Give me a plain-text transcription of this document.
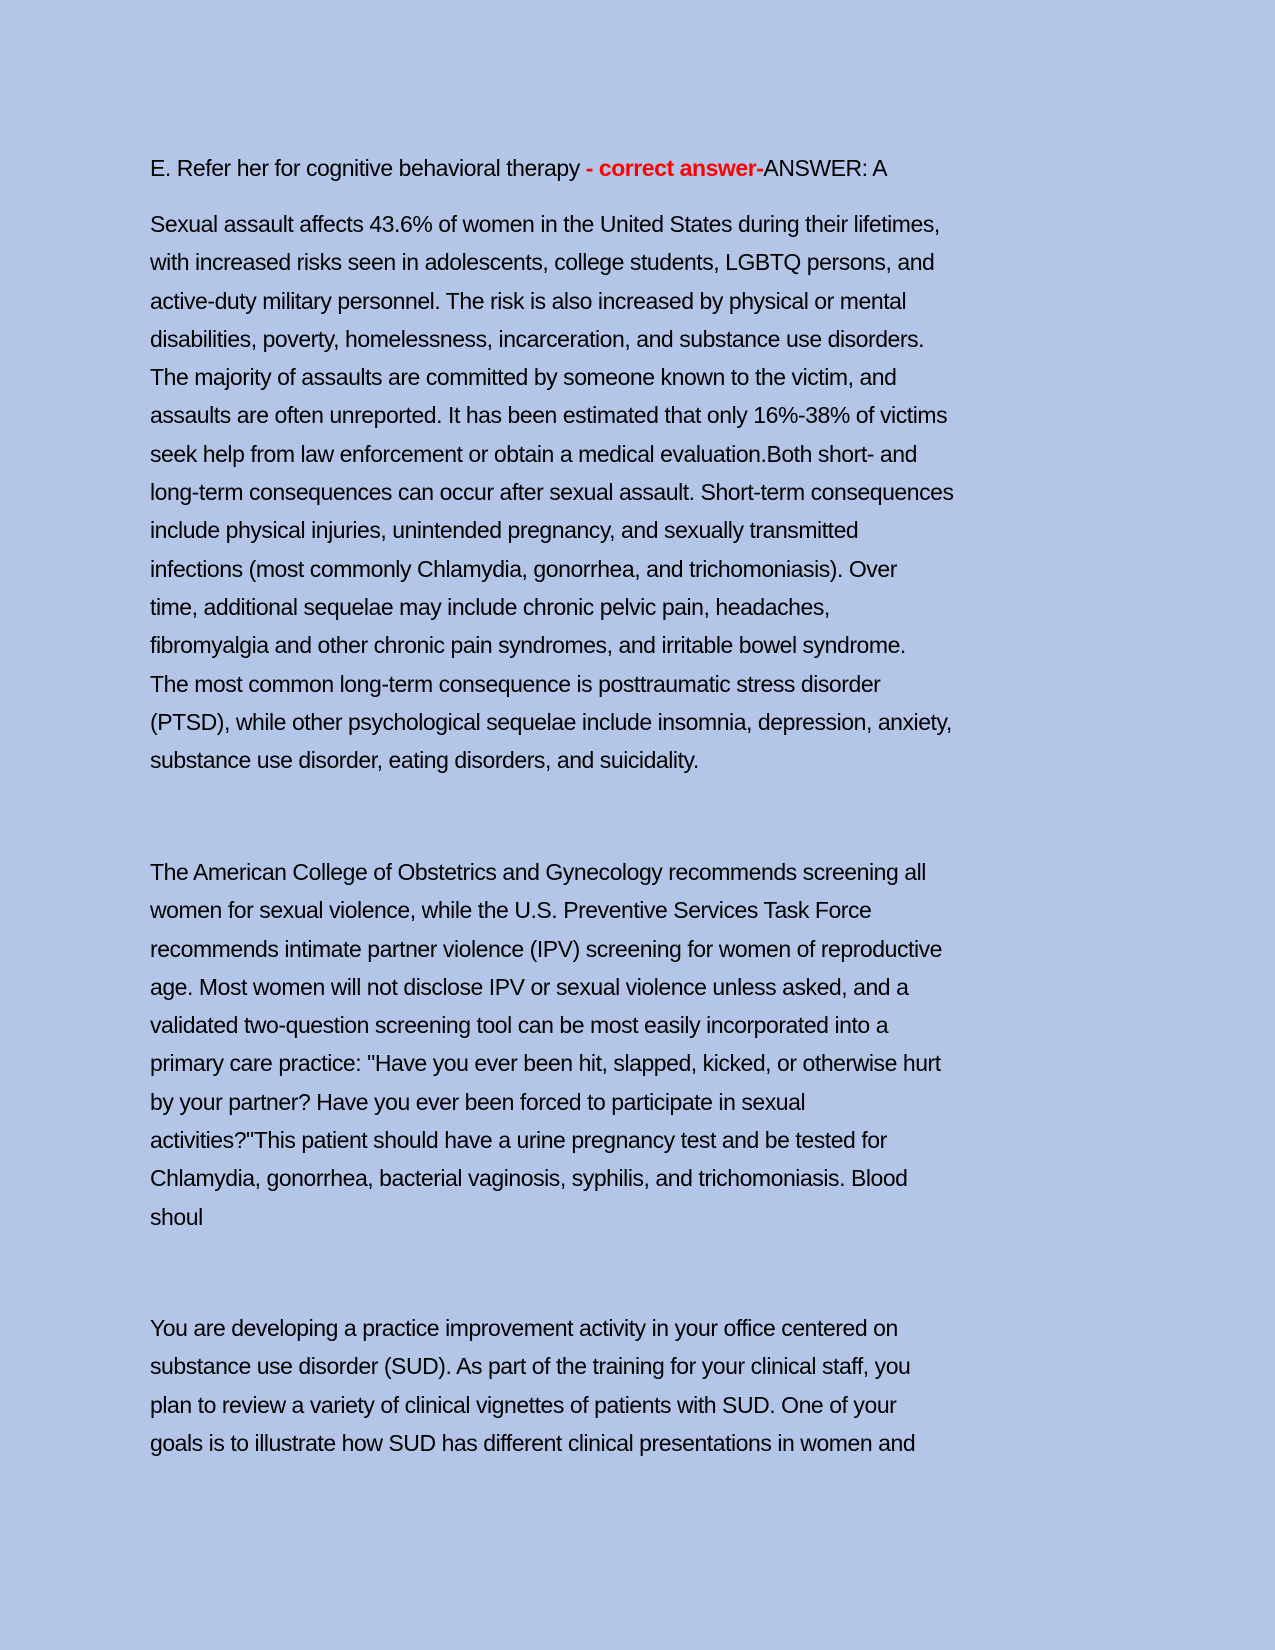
E. Refer her for cognitive behavioral therapy - correct answer-ANSWER: A
Sexual assault affects 43.6% of women in the United States during their lifetimes,
with increased risks seen in adolescents, college students, LGBTQ persons, and
active-duty military personnel. The risk is also increased by physical or mental
disabilities, poverty, homelessness, incarceration, and substance use disorders.
The majority of assaults are committed by someone known to the victim, and
assaults are often unreported. It has been estimated that only 16%-38% of victims
seek help from law enforcement or obtain a medical evaluation.Both short- and
long-term consequences can occur after sexual assault. Short-term consequences
include physical injuries, unintended pregnancy, and sexually transmitted
infections (most commonly Chlamydia, gonorrhea, and trichomoniasis). Over
time, additional sequelae may include chronic pelvic pain, headaches,
fibromyalgia and other chronic pain syndromes, and irritable bowel syndrome.
The most common long-term consequence is posttraumatic stress disorder
(PTSD), while other psychological sequelae include insomnia, depression, anxiety,
substance use disorder, eating disorders, and suicidality.
The American College of Obstetrics and Gynecology recommends screening all
women for sexual violence, while the U.S. Preventive Services Task Force
recommends intimate partner violence (IPV) screening for women of reproductive
age. Most women will not disclose IPV or sexual violence unless asked, and a
validated two-question screening tool can be most easily incorporated into a
primary care practice: "Have you ever been hit, slapped, kicked, or otherwise hurt
by your partner? Have you ever been forced to participate in sexual
activities?"This patient should have a urine pregnancy test and be tested for
Chlamydia, gonorrhea, bacterial vaginosis, syphilis, and trichomoniasis. Blood
shoul
You are developing a practice improvement activity in your office centered on
substance use disorder (SUD). As part of the training for your clinical staff, you
plan to review a variety of clinical vignettes of patients with SUD. One of your
goals is to illustrate how SUD has different clinical presentations in women and
